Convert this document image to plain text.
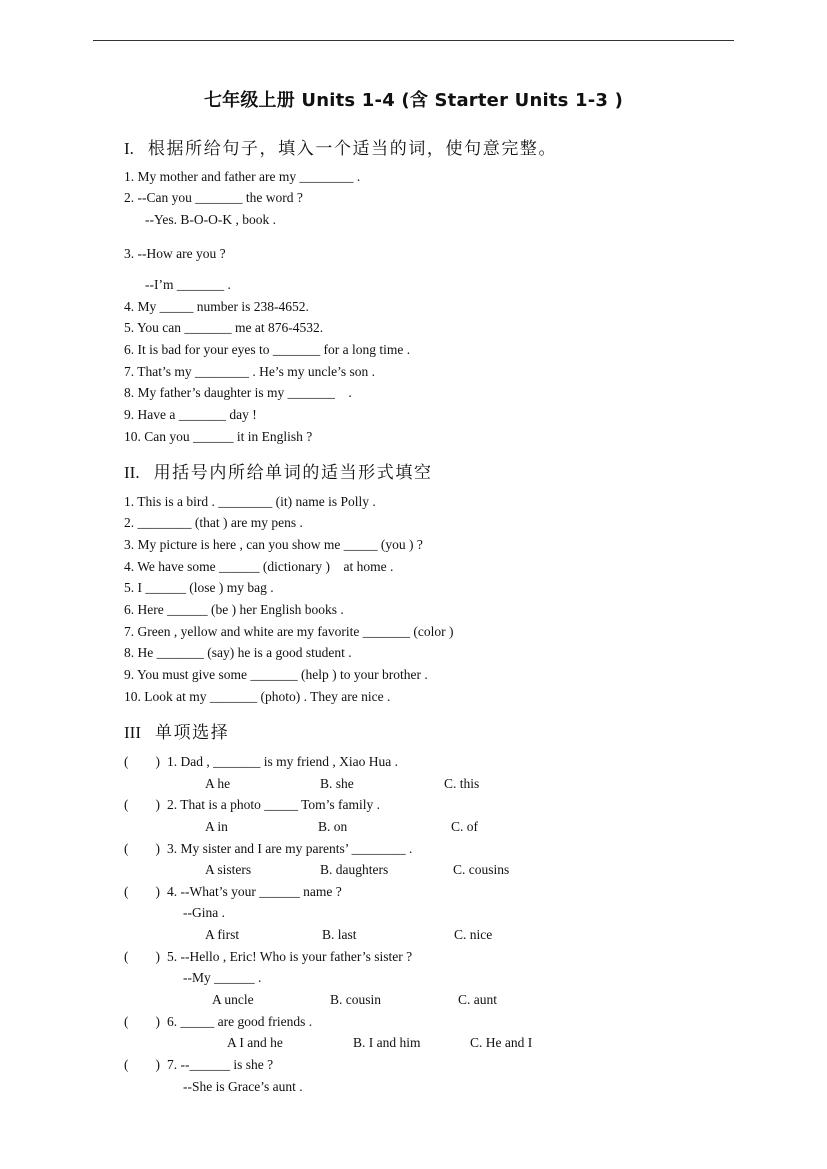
七年级上册 Units 1-4 (含 Starter Units 1-3 )
I. 根据所给句子，填入一个适当的词，使句意完整。
1. My mother and father are my ________ .
2. --Can you _______ the word ?
--Yes. B-O-O-K , book .
3. --How are you ?
--I’m _______ .
4. My _____ number is 238-4652.
5. You can _______ me at 876-4532.
6. It is bad for your eyes to _______ for a long time .
7. That’s my ________ . He’s my uncle’s son .
8. My father’s daughter is my _______    .
9. Have a _______ day !
10. Can you ______ it in English ?
II. 用括号内所给单词的适当形式填空
1. This is a bird . ________ (it) name is Polly .
2. ________ (that ) are my pens .
3. My picture is here , can you show me _____ (you ) ?
4. We have some ______ (dictionary )    at home .
5. I ______ (lose ) my bag .
6. Here ______ (be ) her English books .
7. Green , yellow and white are my favorite _______ (color )
8. He _______ (say) he is a good student .
9. You must give some _______ (help ) to your brother .
10. Look at my _______ (photo) . They are nice .
III 单项选择
(        ) 1. Dad , _______ is my friend , Xiao Hua .
A he	B. she	C. this
(        ) 2. That is a photo _____ Tom’s family .
A in	B. on	C. of
(        ) 3. My sister and I are my parents’ ________ .
A sisters	B. daughters	C. cousins
(        ) 4. --What’s your ______ name ?
--Gina .
A first	B. last	C. nice
(        ) 5. --Hello , Eric! Who is your father’s sister ?
--My ______ .
A uncle	B. cousin	C. aunt
(        ) 6. _____ are good friends .
A I and he	B. I and him	C. He and I
(        ) 7. --______ is she ?
--She is Grace’s aunt .
